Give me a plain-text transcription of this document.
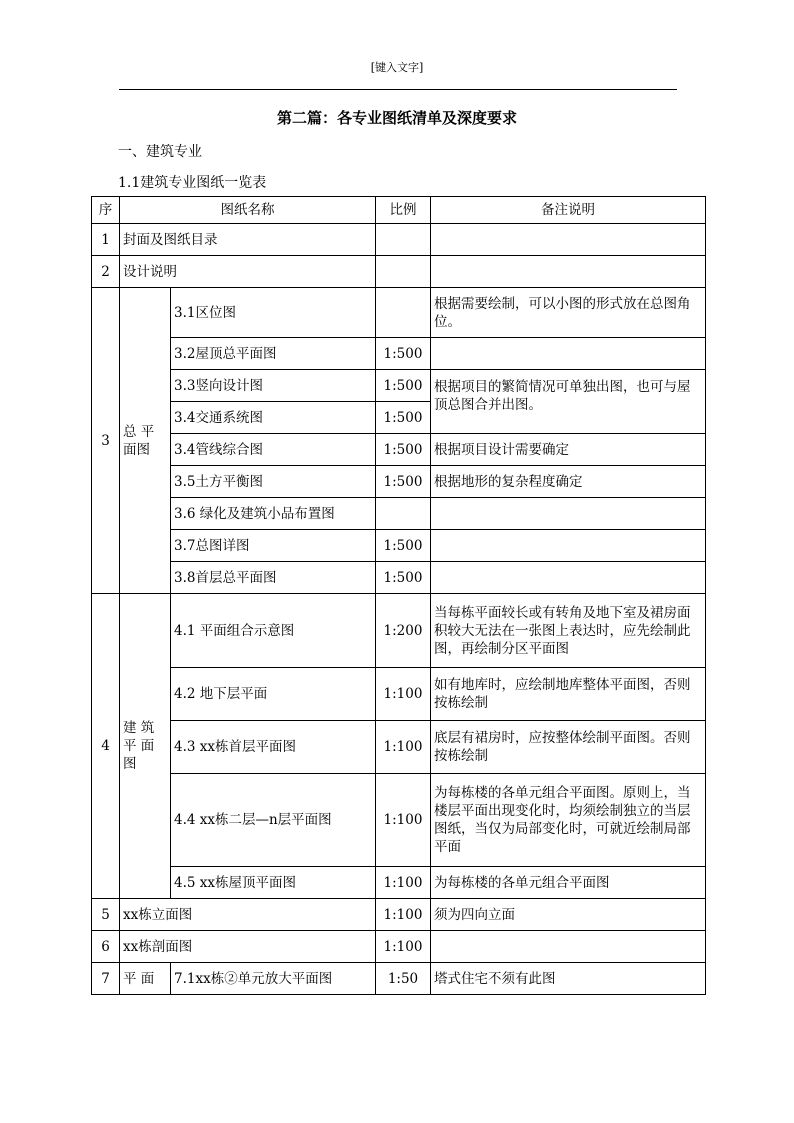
[键入文字]
第二篇：各专业图纸清单及深度要求
一、建筑专业
1.1建筑专业图纸一览表
序	图纸名称		比例	备注说明
1	封面及图纸目录			
2	设计说明			
3	总 平 面图	3.1区位图		根据需要绘制，可以小图的形式放在总图角位。
		3.2屋顶总平面图	1:500	
		3.3竖向设计图	1:500	根据项目的繁简情况可单独出图，也可与屋顶总图合并出图。
		3.4交通系统图	1:500	
		3.4管线综合图	1:500	根据项目设计需要确定
		3.5土方平衡图	1:500	根据地形的复杂程度确定
		3.6 绿化及建筑小品布置图		
		3.7总图详图	1:500	
		3.8首层总平面图	1:500	
4	建 筑 平 面 图	4.1 平面组合示意图	1:200	当每栋平面较长或有转角及地下室及裙房面积较大无法在一张图上表达时，应先绘制此图，再绘制分区平面图
		4.2 地下层平面	1:100	如有地库时，应绘制地库整体平面图，否则按栋绘制
		4.3 xx栋首层平面图	1:100	底层有裙房时，应按整体绘制平面图。否则按栋绘制
		4.4 xx栋二层—n层平面图	1:100	为每栋楼的各单元组合平面图。原则上，当楼层平面出现变化时，均须绘制独立的当层图纸，当仅为局部变化时，可就近绘制局部平面
		4.5 xx栋屋顶平面图	1:100	为每栋楼的各单元组合平面图
5	xx栋立面图		1:100	须为四向立面
6	xx栋剖面图		1:100	
7	平 面	7.1xx栋②单元放大平面图	1:50	塔式住宅不须有此图
